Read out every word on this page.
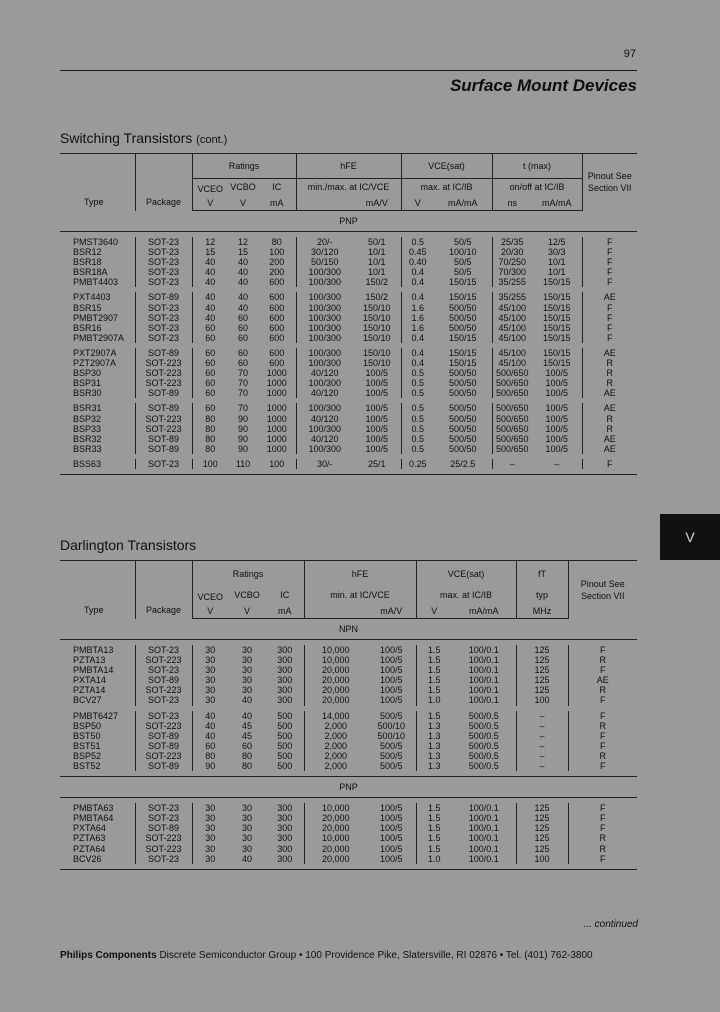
97
Surface Mount Devices
Switching Transistors (cont.)
Type	Package	Ratings			hFE		VCE(sat)		t (max)		Pinout See Section VII
		VCEO	VCBO	IC	min./max. at IC/VCE		max. at IC/IB		on/off at IC/IB		
		V	V	mA		mA/V	V	mA/mA	ns	mA/mA	
PNP											

PMST3640	SOT-23	12	12	80	20/-	50/1	0.5	50/5	25/35	12/5	F
BSR12	SOT-23	15	15	100	30/120	10/1	0.45	100/10	20/30	30/3	F
BSR18	SOT-23	40	40	200	50/150	10/1	0.40	50/5	70/250	10/1	F
BSR18A	SOT-23	40	40	200	100/300	10/1	0.4	50/5	70/300	10/1	F
PMBT4403	SOT-23	40	40	600	100/300	150/2	0.4	150/15	35/255	150/15	F

PXT4403	SOT-89	40	40	600	100/300	150/2	0.4	150/15	35/255	150/15	AE
BSR15	SOT-23	40	40	600	100/300	150/10	1.6	500/50	45/100	150/15	F
PMBT2907	SOT-23	40	60	600	100/300	150/10	1.6	500/50	45/100	150/15	F
BSR16	SOT-23	60	60	600	100/300	150/10	1.6	500/50	45/100	150/15	F
PMBT2907A	SOT-23	60	60	600	100/300	150/10	0.4	150/15	45/100	150/15	F

PXT2907A	SOT-89	60	60	600	100/300	150/10	0.4	150/15	45/100	150/15	AE
PZT2907A	SOT-223	60	60	600	100/300	150/10	0.4	150/15	45/100	150/15	R
BSP30	SOT-223	60	70	1000	40/120	100/5	0.5	500/50	500/650	100/5	R
BSP31	SOT-223	60	70	1000	100/300	100/5	0.5	500/50	500/650	100/5	R
BSR30	SOT-89	60	70	1000	40/120	100/5	0.5	500/50	500/650	100/5	AE

BSR31	SOT-89	60	70	1000	100/300	100/5	0.5	500/50	500/650	100/5	AE
BSP32	SOT-223	80	90	1000	40/120	100/5	0.5	500/50	500/650	100/5	R
BSP33	SOT-223	80	90	1000	100/300	100/5	0.5	500/50	500/650	100/5	R
BSR32	SOT-89	80	90	1000	40/120	100/5	0.5	500/50	500/650	100/5	AE
BSR33	SOT-89	80	90	1000	100/300	100/5	0.5	500/50	500/650	100/5	AE

BSS63	SOT-23	100	110	100	30/-	25/1	0.25	25/2.5	–	–	F

V
Darlington Transistors
Type	Package	Ratings			hFE		VCE(sat)		fT	Pinout See Section VII
		VCEO	VCBO	IC	min. at IC/VCE		max. at IC/IB		typ	
		V	V	mA		mA/V	V	mA/mA	MHz	
NPN										

PMBTA13	SOT-23	30	30	300	10,000	100/5	1.5	100/0.1	125	F
PZTA13	SOT-223	30	30	300	10,000	100/5	1.5	100/0.1	125	R
PMBTA14	SOT-23	30	30	300	20,000	100/5	1.5	100/0.1	125	F
PXTA14	SOT-89	30	30	300	20,000	100/5	1.5	100/0.1	125	AE
PZTA14	SOT-223	30	30	300	20,000	100/5	1.5	100/0.1	125	R
BCV27	SOT-23	30	40	300	20,000	100/5	1.0	100/0.1	100	F

PMBT6427	SOT-23	40	40	500	14,000	500/5	1.5	500/0.5	–	F
BSP50	SOT-223	40	45	500	2,000	500/10	1.3	500/0.5	–	R
BST50	SOT-89	40	45	500	2,000	500/10	1.3	500/0.5	–	F
BST51	SOT-89	60	60	500	2,000	500/5	1.3	500/0.5	–	F
BSP52	SOT-223	80	80	500	2,000	500/5	1.3	500/0.5	–	R
BST52	SOT-89	90	80	500	2,000	500/5	1.3	500/0.5	–	F

PNP										

PMBTA63	SOT-23	30	30	300	10,000	100/5	1.5	100/0.1	125	F
PMBTA64	SOT-23	30	30	300	20,000	100/5	1.5	100/0.1	125	F
PXTA64	SOT-89	30	30	300	20,000	100/5	1.5	100/0.1	125	F
PZTA63	SOT-223	30	30	300	10,000	100/5	1.5	100/0.1	125	R
PZTA64	SOT-223	30	30	300	20,000	100/5	1.5	100/0.1	125	R
BCV26	SOT-23	30	40	300	20,000	100/5	1.0	100/0.1	100	F

... continued
Philips Components Discrete Semiconductor Group • 100 Providence Pike, Slatersville, RI 02876 • Tel. (401) 762-3800
